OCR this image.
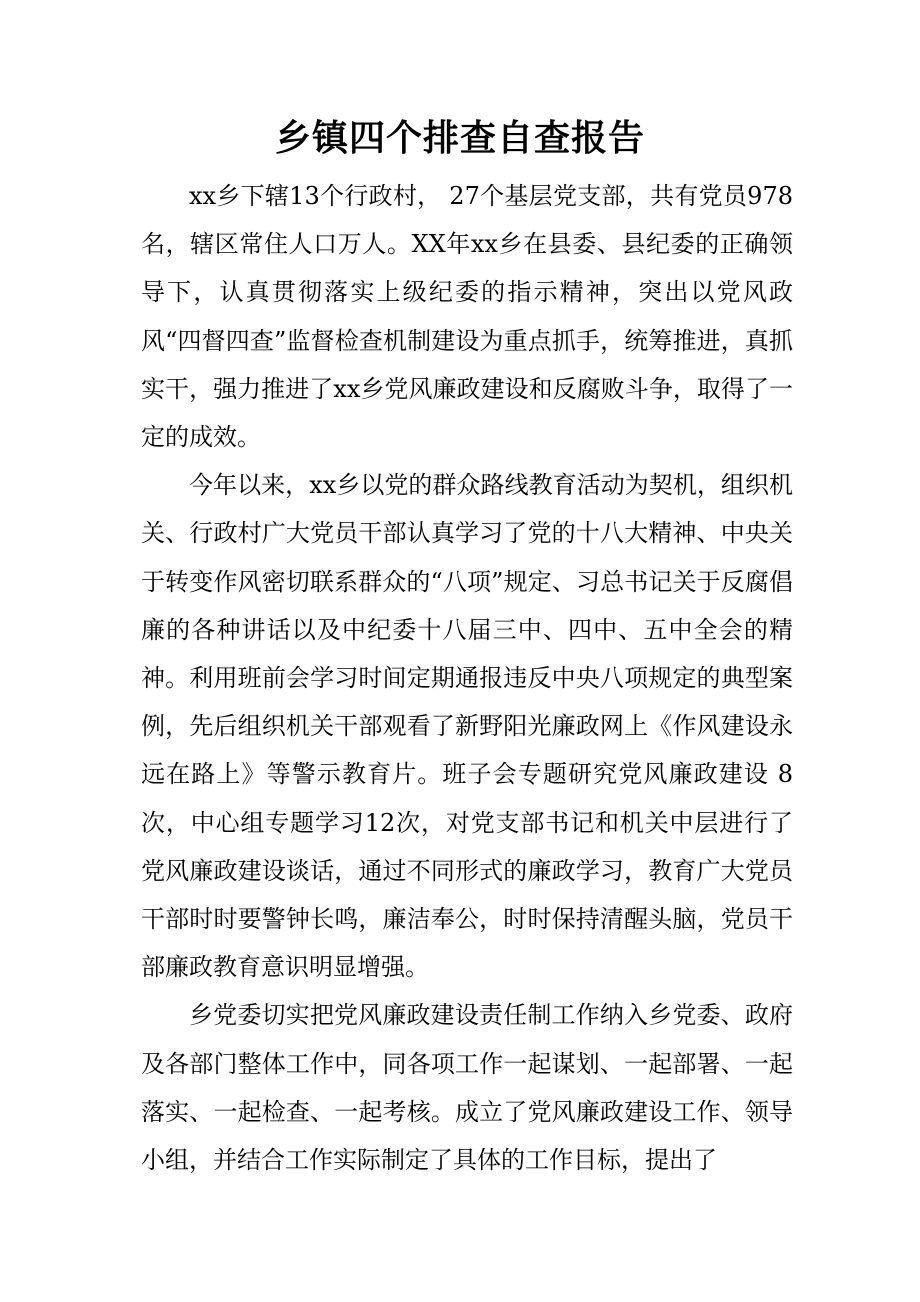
乡镇四个排查自查报告

xx乡下辖13个行政村， 27个基层党支部，共有党员978名，辖区常住人口万人。XX年xx乡在县委、县纪委的正确领导下，认真贯彻落实上级纪委的指示精神，突出以党风政风“四督四查”监督检查机制建设为重点抓手，统筹推进，真抓实干，强力推进了xx乡党风廉政建设和反腐败斗争，取得了一定的成效。

今年以来，xx乡以党的群众路线教育活动为契机，组织机关、行政村广大党员干部认真学习了党的十八大精神、中央关于转变作风密切联系群众的“八项”规定、习总书记关于反腐倡廉的各种讲话以及中纪委十八届三中、四中、五中全会的精神。利用班前会学习时间定期通报违反中央八项规定的典型案例，先后组织机关干部观看了新野阳光廉政网上《作风建设永远在路上》等警示教育片。班子会专题研究党风廉政建设 8次，中心组专题学习12次，对党支部书记和机关中层进行了党风廉政建设谈话，通过不同形式的廉政学习，教育广大党员干部时时要警钟长鸣，廉洁奉公，时时保持清醒头脑，党员干部廉政教育意识明显增强。

乡党委切实把党风廉政建设责任制工作纳入乡党委、政府及各部门整体工作中，同各项工作一起谋划、一起部署、一起落实、一起检查、一起考核。成立了党风廉政建设工作、领导小组，并结合工作实际制定了具体的工作目标，提出了
